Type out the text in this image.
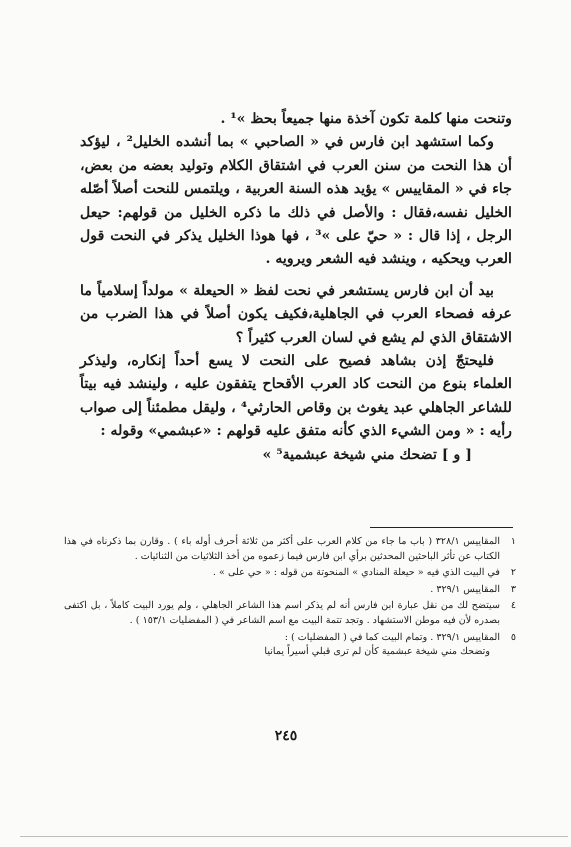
وتنحت منها كلمة تكون آخذة منها جميعاً بحظ »¹ .

وكما استشهد ابن فارس في « الصاحبي » بما أنشده الخليل² ، ليؤكد أن هذا النحت من سنن العرب في اشتقاق الكلام وتوليد بعضه من بعض، جاء في « المقاييس » يؤيد هذه السنة العربية ، ويلتمس للنحت أصلاً أصّله الخليل نفسه،فقال : والأصل في ذلك ما ذكره الخليل من قولهم: حيعل الرجل ، إذا قال : « حيّ على »³ ، فها هوذا الخليل يذكر في النحت قول العرب ويحكيه ، وينشد فيه الشعر ويرويه .

بيد أن ابن فارس يستشعر في نحت لفظ « الحيعلة » مولداً إسلامياً ما عرفه فصحاء العرب في الجاهلية،فكيف يكون أصلاً في هذا الضرب من الاشتقاق الذي لم يشع في لسان العرب كثيراً ؟

فليحتجّ إذن بشاهد فصيح على النحت لا يسع أحداً إنكاره، وليذكر العلماء بنوع من النحت كاد العرب الأقحاح يتفقون عليه ، ولينشد فيه بيتاً للشاعر الجاهلي عبد يغوث بن وقاص الحارثي⁴ ، وليقل مطمئناً إلى صواب رأيه : « ومن الشيء الذي كأنه متفق عليه قولهم : «عبشمي» وقوله :

[ و ] تضحك مني شيخة عبشمية⁵ »

١
المقاييس ٣٢٨/١ ( باب ما جاء من كلام العرب على أكثر من ثلاثة أحرف أوله باء ) . وقارن بما ذكرناه في هذا الكتاب عن تأثر الباحثين المحدثين برأي ابن فارس فيما زعموه من أخذ الثلاثيات من الثنائيات .
٢
في البيت الذي فيه « حيعلة المنادي » المنحوتة من قوله : « حي على » .
٣
المقاييس ٣٢٩/١ .
٤
سيتضح لك من نقل عبارة ابن فارس أنه لم يذكر اسم هذا الشاعر الجاهلي ، ولم يورد البيت كاملاً ، بل اكتفى بصدره لأن فيه موطن الاستشهاد . وتجد تتمة البيت مع اسم الشاعر في ( المفضليات ١٥٣/١ ) .
٥
المقاييس ٣٢٩/١ . وتمام البيت كما في ( المفضليات ) :
وتضحك مني شيخة عبشمية كأن لم ترى قبلي أسيراً يمانيا
٢٤٥
